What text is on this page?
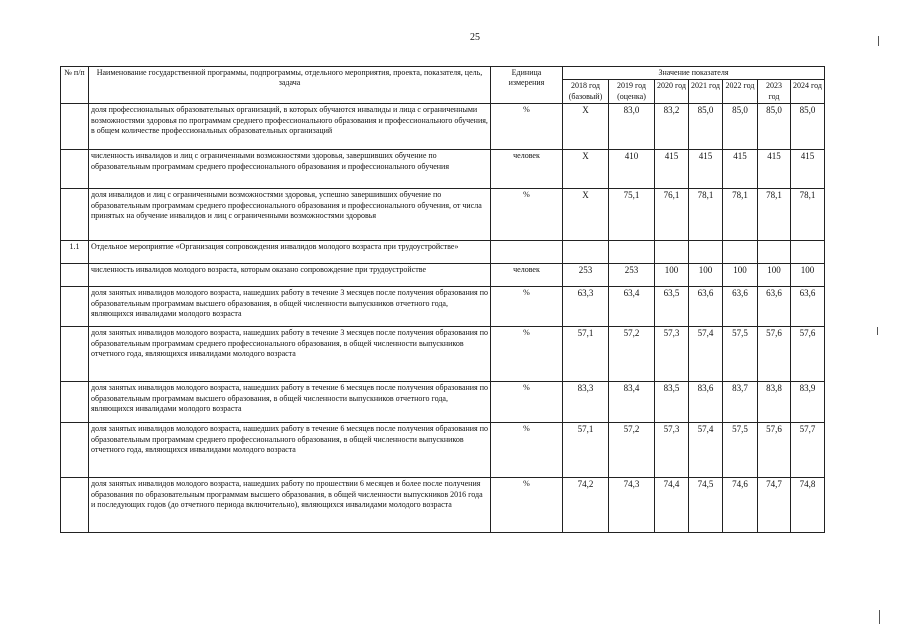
25
№ п/п	Наименование государственной программы, подпрограммы, отдельного мероприятия, проекта, показателя, цель, задача	Единица измерения	Значение показателя						
			2018 год (базовый)	2019 год (оценка)	2020 год	2021 год	2022 год	2023 год	2024 год
	доля профессиональных образовательных организаций, в которых обучаются инвалиды и лица с ограниченными возможностями здоровья по программам среднего профессионального образования и профессионального обучения, в общем количестве профессиональных образовательных организаций	%	Х	83,0	83,2	85,0	85,0	85,0	85,0
	численность инвалидов и лиц с ограниченными возможностями здоровья, завершивших обучение по образовательным программам среднего профессионального образования и профессионального обучения	человек	Х	410	415	415	415	415	415
	доля инвалидов и лиц с ограниченными возможностями здоровья, успешно завершивших обучение по образовательным программам среднего профессионального образования и профессионального обучения, от числа принятых на обучение инвалидов и лиц с ограниченными возможностями здоровья	%	Х	75,1	76,1	78,1	78,1	78,1	78,1
1.1	Отдельное мероприятие «Организация сопровождения инвалидов молодого возраста при трудоустройстве»								
	численность инвалидов молодого возраста, которым оказано сопровождение при трудоустройстве	человек	253	253	100	100	100	100	100
	доля занятых инвалидов молодого возраста, нашедших работу в течение 3 месяцев после получения образования по образовательным программам высшего образования, в общей численности выпускников отчетного года, являющихся инвалидами молодого возраста	%	63,3	63,4	63,5	63,6	63,6	63,6	63,6
	доля занятых инвалидов молодого возраста, нашедших работу в течение 3 месяцев после получения образования по образовательным программам среднего профессионального образования, в общей численности выпускников отчетного года, являющихся инвалидами молодого возраста	%	57,1	57,2	57,3	57,4	57,5	57,6	57,6
	доля занятых инвалидов молодого возраста, нашедших работу в течение 6 месяцев после получения образования по образовательным программам высшего образования, в общей численности выпускников отчетного года, являющихся инвалидами молодого возраста	%	83,3	83,4	83,5	83,6	83,7	83,8	83,9
	доля занятых инвалидов молодого возраста, нашедших работу в течение 6 месяцев после получения образования по образовательным программам среднего профессионального образования, в общей численности выпускников отчетного года, являющихся инвалидами молодого возраста	%	57,1	57,2	57,3	57,4	57,5	57,6	57,7
	доля занятых инвалидов молодого возраста, нашедших работу по прошествии 6 месяцев и более после получения образования по образовательным программам высшего образования, в общей численности выпускников 2016 года и последующих годов (до отчетного периода включительно), являющихся инвалидами молодого возраста	%	74,2	74,3	74,4	74,5	74,6	74,7	74,8
